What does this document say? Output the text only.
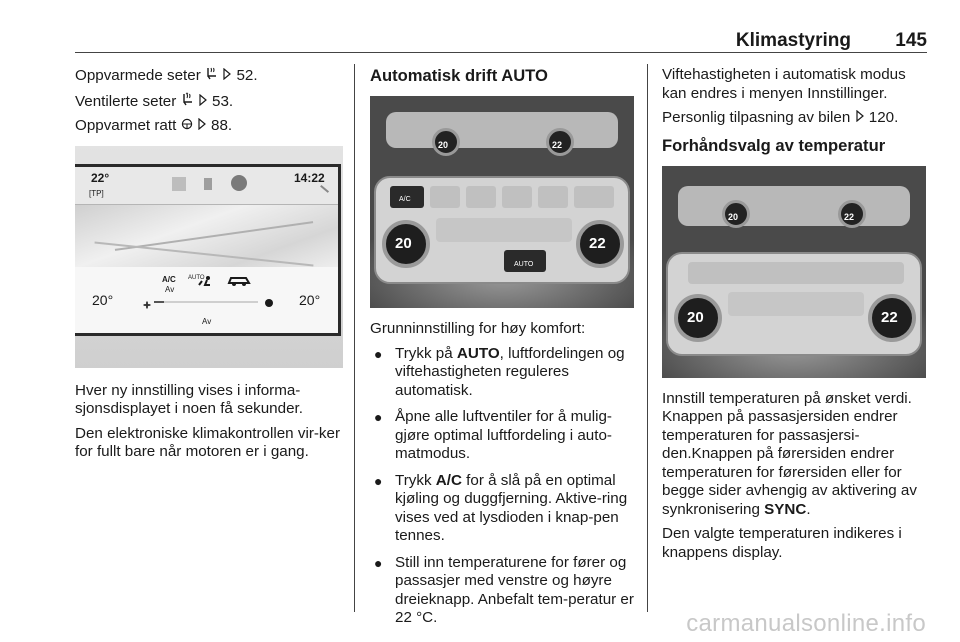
Klimastyring 145

Oppvarmede seter 52.

Ventilerte seter 53.

Oppvarmet ratt 88.

22°
[TP]
14:22
A/C
Av
AUTO
20°	20°
Av

Hver ny innstilling vises i informa-sjonsdisplayet i noen få sekunder.

Den elektroniske klimakontrollen vir-ker for fullt bare når motoren er i gang.

Automatisk drift AUTO
20	22
A/C
AUTO
20	22

Grunninnstilling for høy komfort:

● Trykk på AUTO, luftfordelingen og viftehastigheten reguleres automatisk.
● Åpne alle luftventiler for å mulig-gjøre optimal luftfordeling i auto-matmodus.
● Trykk A/C for å slå på en optimal kjøling og duggfjerning. Aktive-ring vises ved at lysdioden i knap-pen tennes.
● Still inn temperaturene for fører og passasjer med venstre og høyre dreieknapp. Anbefalt tem-peratur er 22 °C.

Viftehastigheten i automatisk modus kan endres i menyen Innstillinger.

Personlig tilpasning av bilen 120.

Forhåndsvalg av temperatur
20	22
20	22

Innstill temperaturen på ønsket verdi. Knappen på passasjersiden endrer temperaturen for passasjersi-den.Knappen på førersiden endrer temperaturen for førersiden eller for begge sider avhengig av aktivering av synkronisering SYNC.

Den valgte temperaturen indikeres i knappens display.

carmanualsonline.info
